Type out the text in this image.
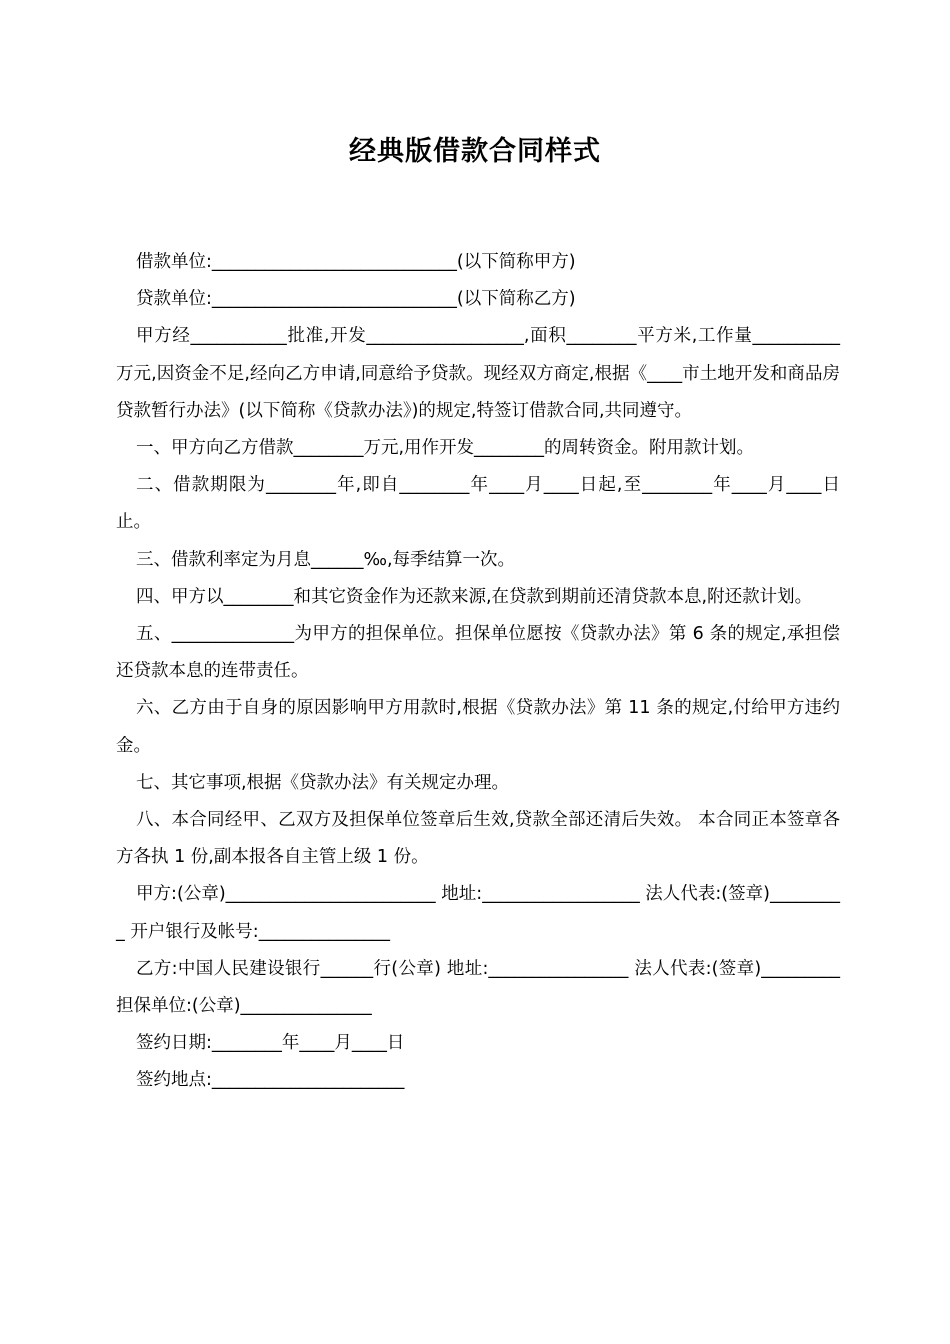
经典版借款合同样式

借款单位:____________________________(以下简称甲方)

贷款单位:____________________________(以下简称乙方)

甲方经___________批准,开发__________________,面积________平方米,工作量__________万元,因资金不足,经向乙方申请,同意给予贷款。现经双方商定,根据《____市土地开发和商品房贷款暂行办法》(以下简称《贷款办法》)的规定,特签订借款合同,共同遵守。

一、甲方向乙方借款________万元,用作开发________的周转资金。附用款计划。

二、借款期限为________年,即自________年____月____日起,至________年____月____日止。

三、借款利率定为月息______‰,每季结算一次。

四、甲方以________和其它资金作为还款来源,在贷款到期前还清贷款本息,附还款计划。

五、______________为甲方的担保单位。担保单位愿按《贷款办法》第 6 条的规定,承担偿还贷款本息的连带责任。

六、乙方由于自身的原因影响甲方用款时,根据《贷款办法》第 11 条的规定,付给甲方违约金。

七、其它事项,根据《贷款办法》有关规定办理。

八、本合同经甲、乙双方及担保单位签章后生效,贷款全部还清后失效。 本合同正本签章各方各执 1 份,副本报各自主管上级 1 份。

甲方:(公章)________________________ 地址:__________________ 法人代表:(签章)_________ 开户银行及帐号:_______________

乙方:中国人民建设银行______行(公章) 地址:________________ 法人代表:(签章)_________ 担保单位:(公章)_______________

签约日期:________年____月____日

签约地点:______________________
